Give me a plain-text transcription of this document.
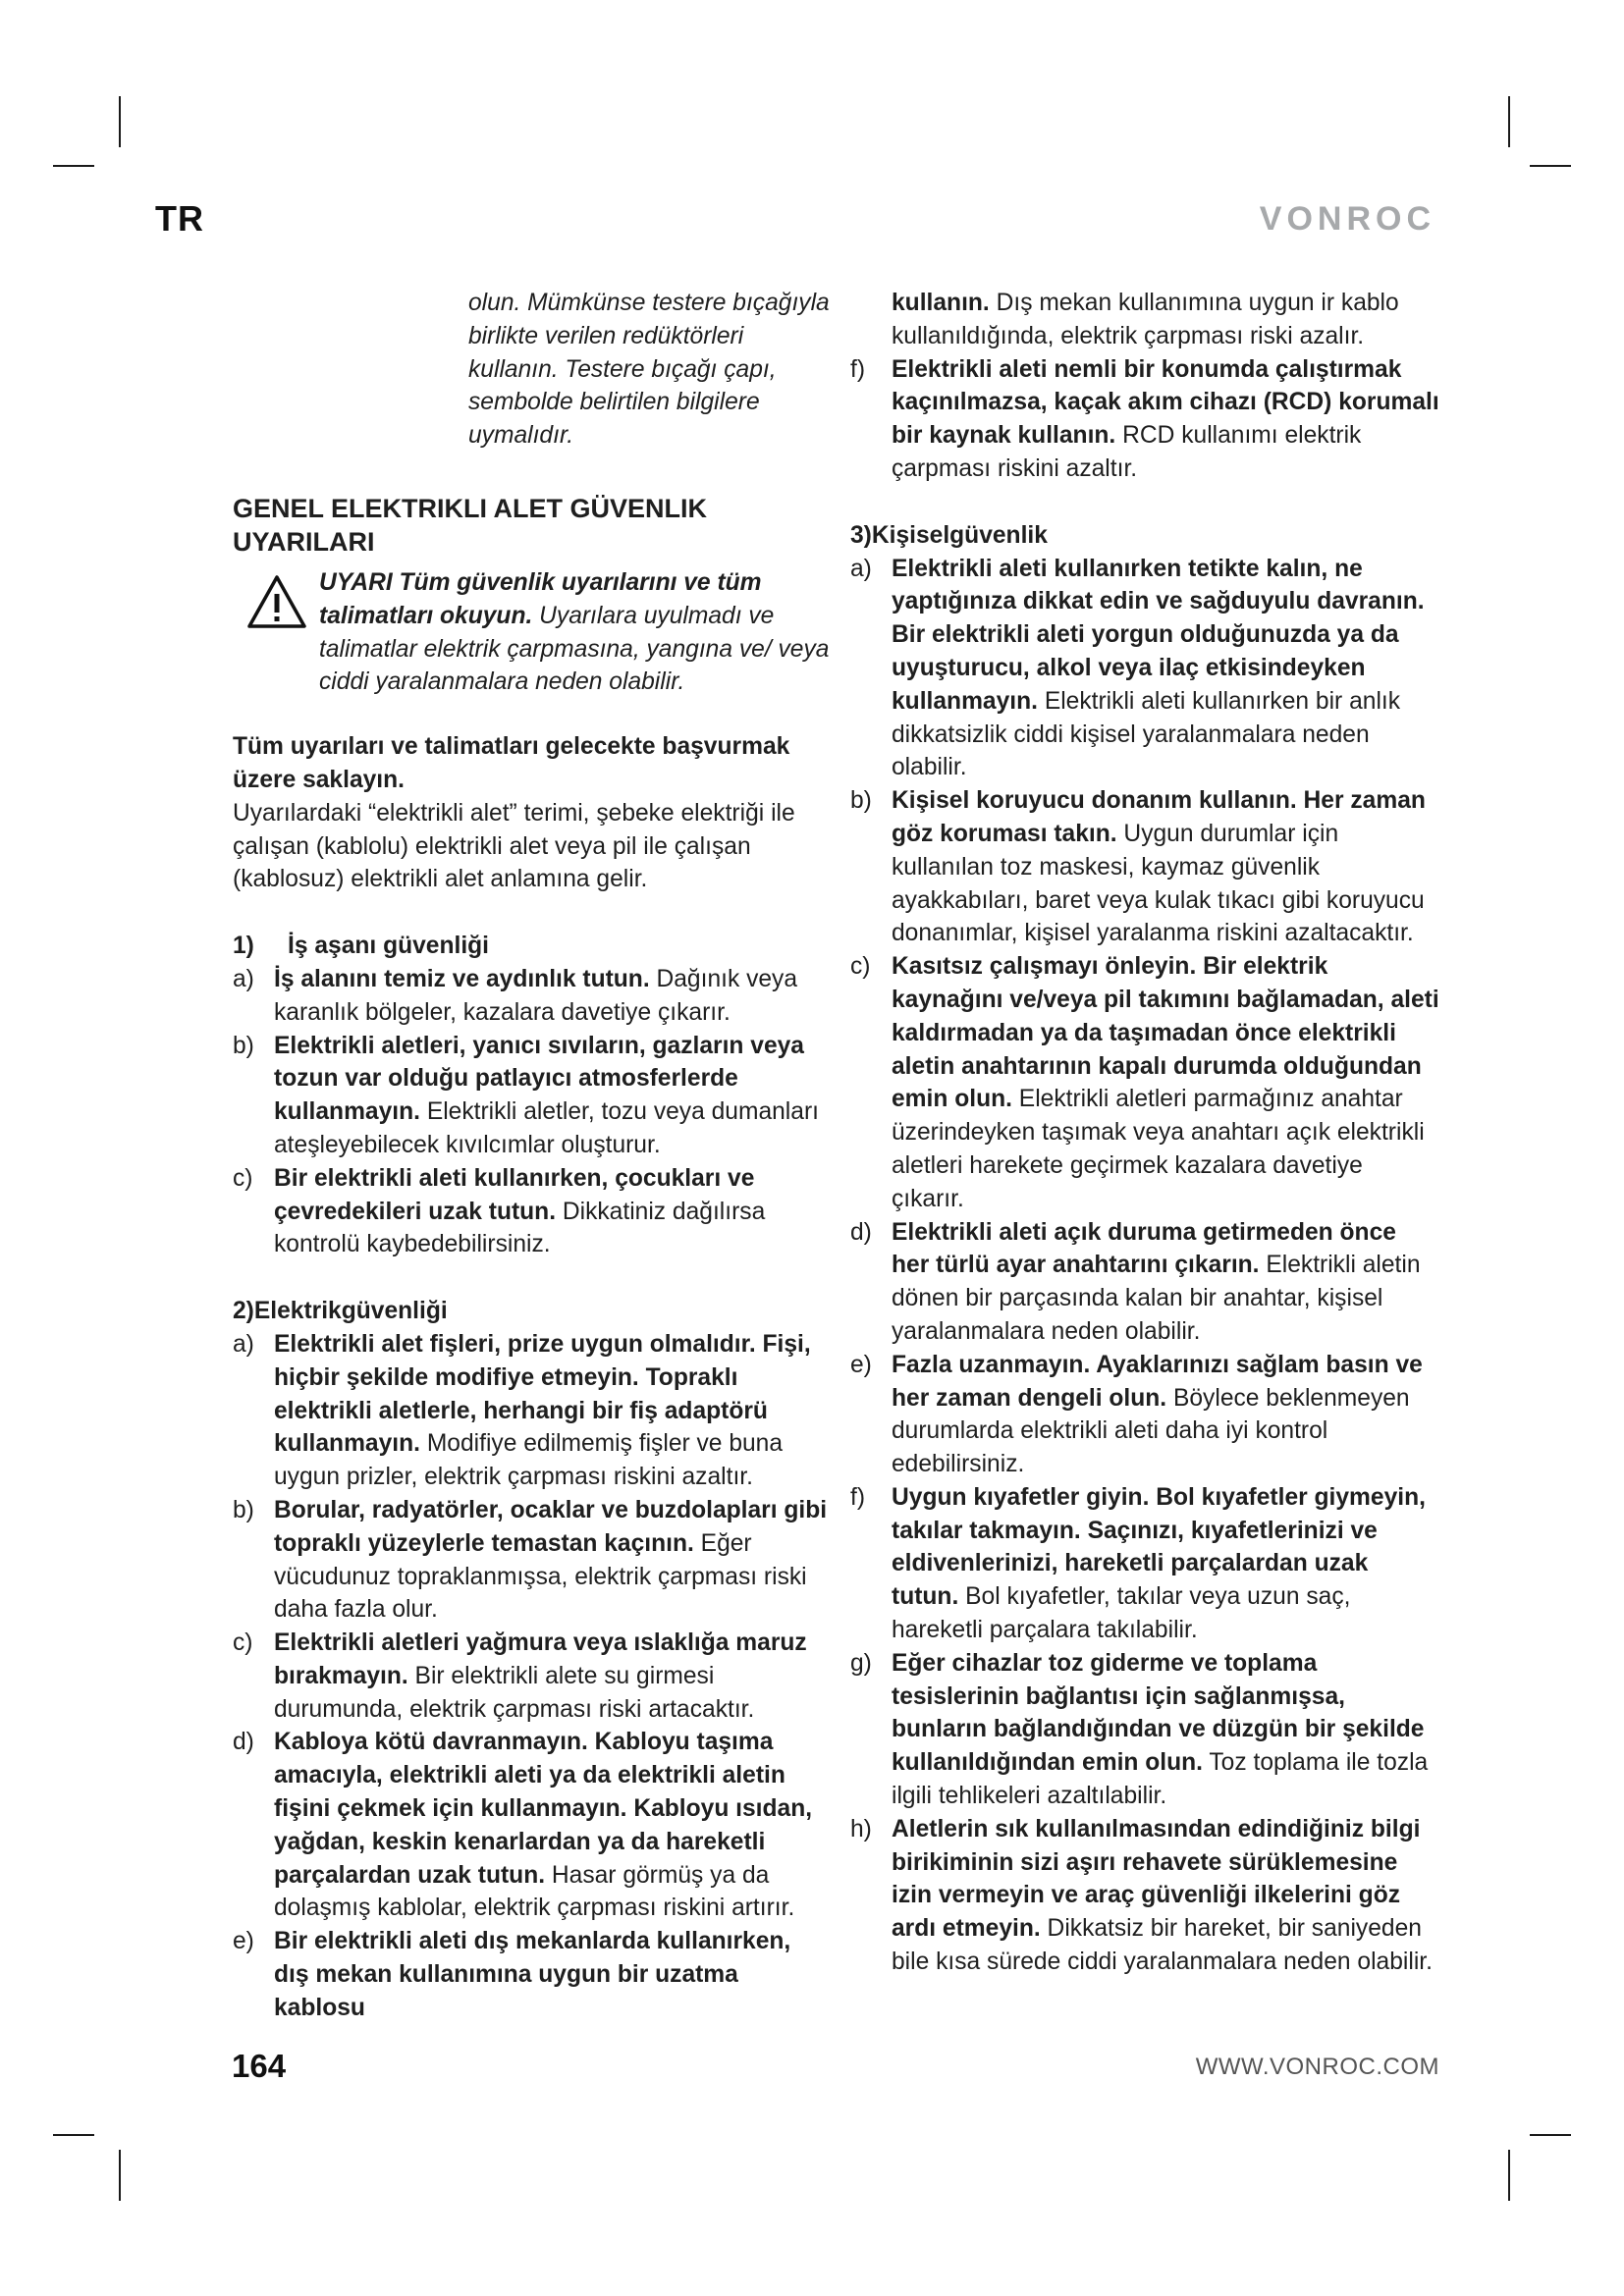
TR	VONROC
olun. Mümkünse testere bıçağıyla birlikte verilen redüktörleri kullanın. Testere bıçağı çapı, sembolde belirtilen bilgilere uymalıdır.
GENEL ELEKTRIKLI ALET GÜVENLIK UYARILARI

UYARI Tüm güvenlik uyarılarını ve tüm talimatları okuyun. Uyarılara uyulmadı ve talimatlar elektrik çarpmasına, yangına ve/ veya ciddi yaralanmalara neden olabilir.

Tüm uyarıları ve talimatları gelecekte başvurmak üzere saklayın.
Uyarılardaki “elektrikli alet” terimi, şebeke elektriği ile çalışan (kablolu) elektrikli alet veya pil ile çalışan (kablosuz) elektrikli alet anlamına gelir.

1)	İş aşanı güvenliği
a) İş alanını temiz ve aydınlık tutun. Dağınık veya karanlık bölgeler, kazalara davetiye çıkarır.
b) Elektrikli aletleri, yanıcı sıvıların, gazların veya tozun var olduğu patlayıcı atmosferlerde kullanmayın. Elektrikli aletler, tozu veya dumanları ateşleyebilecek kıvılcımlar oluşturur.
c) Bir elektrikli aleti kullanırken, çocukları ve çevredekileri uzak tutun. Dikkatiniz dağılırsa kontrolü kaybedebilirsiniz.
2)Elektrikgüvenliği
a) Elektrikli alet fişleri, prize uygun olmalıdır. Fişi, hiçbir şekilde modifiye etmeyin. Topraklı elektrikli aletlerle, herhangi bir fiş adaptörü kullanmayın. Modifiye edilmemiş fişler ve buna uygun prizler, elektrik çarpması riskini azaltır.
b) Borular, radyatörler, ocaklar ve buzdolapları gibi topraklı yüzeylerle temastan kaçının. Eğer vücudunuz topraklanmışsa, elektrik çarpması riski daha fazla olur.
c) Elektrikli aletleri yağmura veya ıslaklığa maruz bırakmayın. Bir elektrikli alete su girmesi durumunda, elektrik çarpması riski artacaktır.
d) Kabloya kötü davranmayın. Kabloyu taşıma amacıyla, elektrikli aleti ya da elektrikli aletin fişini çekmek için kullanmayın. Kabloyu ısıdan, yağdan, keskin kenarlardan ya da hareketli parçalardan uzak tutun. Hasar görmüş ya da dolaşmış kablolar, elektrik çarpması riskini artırır.
e) Bir elektrikli aleti dış mekanlarda kullanırken, dış mekan kullanımına uygun bir uzatma kablosu
kullanın. Dış mekan kullanımına uygun ir kablo kullanıldığında, elektrik çarpması riski azalır.
f)	Elektrikli aleti nemli bir konumda çalıştırmak kaçınılmazsa, kaçak akım cihazı (RCD) korumalı bir kaynak kullanın. RCD kullanımı elektrik çarpması riskini azaltır.
3)Kişiselgüvenlik
a) Elektrikli aleti kullanırken tetikte kalın, ne yaptığınıza dikkat edin ve sağduyulu davranın. Bir elektrikli aleti yorgun olduğunuzda ya da uyuşturucu, alkol veya ilaç etkisindeyken kullanmayın. Elektrikli aleti kullanırken bir anlık dikkatsizlik ciddi kişisel yaralanmalara neden olabilir.
b) Kişisel koruyucu donanım kullanın. Her zaman göz koruması takın. Uygun durumlar için kullanılan toz maskesi, kaymaz güvenlik ayakkabıları, baret veya kulak tıkacı gibi koruyucu donanımlar, kişisel yaralanma riskini azaltacaktır.
c) Kasıtsız çalışmayı önleyin. Bir elektrik kaynağını ve/veya pil takımını bağlamadan, aleti kaldırmadan ya da taşımadan önce elektrikli aletin anahtarının kapalı durumda olduğundan emin olun. Elektrikli aletleri parmağınız anahtar üzerindeyken taşımak veya anahtarı açık elektrikli aletleri harekete geçirmek kazalara davetiye çıkarır.
d) Elektrikli aleti açık duruma getirmeden önce her türlü ayar anahtarını çıkarın. Elektrikli aletin dönen bir parçasında kalan bir anahtar, kişisel yaralanmalara neden olabilir.
e) Fazla uzanmayın. Ayaklarınızı sağlam basın ve her zaman dengeli olun. Böylece beklenmeyen durumlarda elektrikli aleti daha iyi kontrol edebilirsiniz.
f)	Uygun kıyafetler giyin. Bol kıyafetler giymeyin, takılar takmayın. Saçınızı, kıyafetlerinizi ve eldivenlerinizi, hareketli parçalardan uzak tutun. Bol kıyafetler, takılar veya uzun saç, hareketli parçalara takılabilir.
g) Eğer cihazlar toz giderme ve toplama tesislerinin bağlantısı için sağlanmışsa, bunların bağlandığından ve düzgün bir şekilde kullanıldığından emin olun. Toz toplama ile tozla ilgili tehlikeleri azaltılabilir.
h) Aletlerin sık kullanılmasından edindiğiniz bilgi birikiminin sizi aşırı rehavete sürüklemesine izin vermeyin ve araç güvenliği ilkelerini göz ardı etmeyin. Dikkatsiz bir hareket, bir saniyeden bile kısa sürede ciddi yaralanmalara neden olabilir.
164	WWW.VONROC.COM
